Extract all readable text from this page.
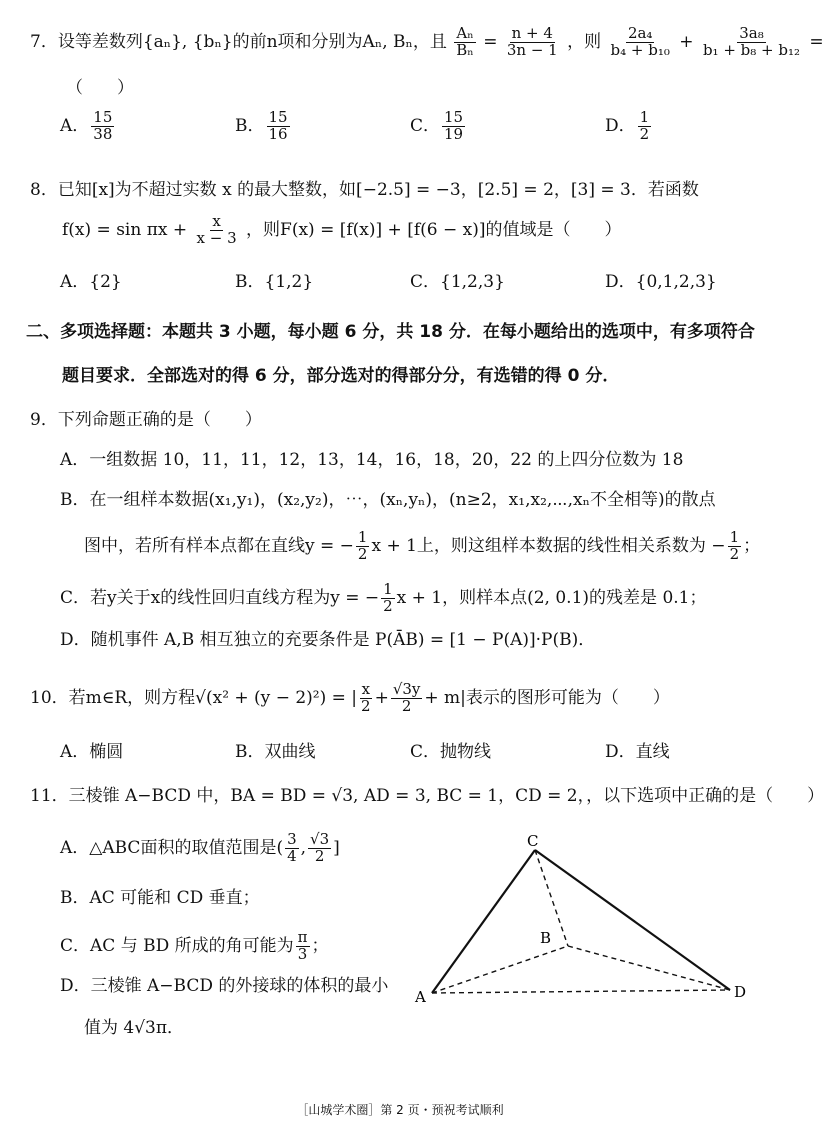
7．设等差数列{aₙ}, {bₙ}的前n项和分别为Aₙ, Bₙ，且 $\frac{\text{Aₙ}}{\text{Bₙ}} = \frac{n + 4}{3n - 1}$ ，则 $\frac{\text{2a₄}}{\text{b₄ + b₁₀}} + \frac{\text{3a₈}}{\text{b₁ + b₈ + b₁₂}}$ =
（　　）
A． $\frac{15}{38}$	B． $\frac{15}{16}$	C． $\frac{15}{19}$	D． $\frac{1}{2}$
8．已知[x]为不超过实数 x 的最大整数，如[−2.5] = −3，[2.5] = 2，[3] = 3．若函数
$f(x) = \sin \pi x + \frac{x}{x - 3}$ ，则F(x) = [f(x)] + [f(6 − x)]的值域是（　　）
A．{2}	B．{1,2}	C．{1,2,3}	D．{0,1,2,3}
二、多项选择题：本题共 3 小题，每小题 6 分，共 18 分．在每小题给出的选项中，有多项符合
题目要求．全部选对的得 6 分，部分选对的得部分分，有选错的得 0 分．
9．下列命题正确的是（　　）
A．一组数据 10，11，11，12，13，14，16，18，20，22 的上四分位数为 18
B．在一组样本数据(x₁,y₁)，(x₂,y₂)，⋯，(xₙ,yₙ)，(n≥2，x₁,x₂,⋯,xₙ不全相等)的散点
图中，若所有样本点都在直线y = − $\frac{1}{2}$ x + 1上，则这组样本数据的线性相关系数为 − $\frac{1}{2}$ ；
C．若y关于x的线性回归直线方程为y = − $\frac{1}{2}$ x + 1，则样本点(2, 0.1)的残差是 0.1；
D．随机事件 A,B 相互独立的充要条件是 P(ĀB) = [1 − P(A)]·P(B)．
10．若m∈R，则方程√(x² + (y − 2)²) = | $\frac{x}{2} + \frac{√3y}{2} + m|$表示的图形可能为（　　）
A．椭圆	B．双曲线	C．抛物线	D．直线
11．三棱锥 A−BCD 中，BA = BD = √3, AD = 3, BC = 1，CD = 2，，以下选项中正确的是（　　）
A．△ABC面积的取值范围是( $\frac{3}{4}$ , $\frac{√3}{2}$ ]
B．AC 可能和 CD 垂直；
C．AC 与 BD 所成的角可能为 $\frac{\pi}{3}$ ；
D．三棱锥 A−BCD 的外接球的体积的最小
值为 4√3π．
C
B
A	D
［山城学术圈］第 2 页・预祝考试顺利
